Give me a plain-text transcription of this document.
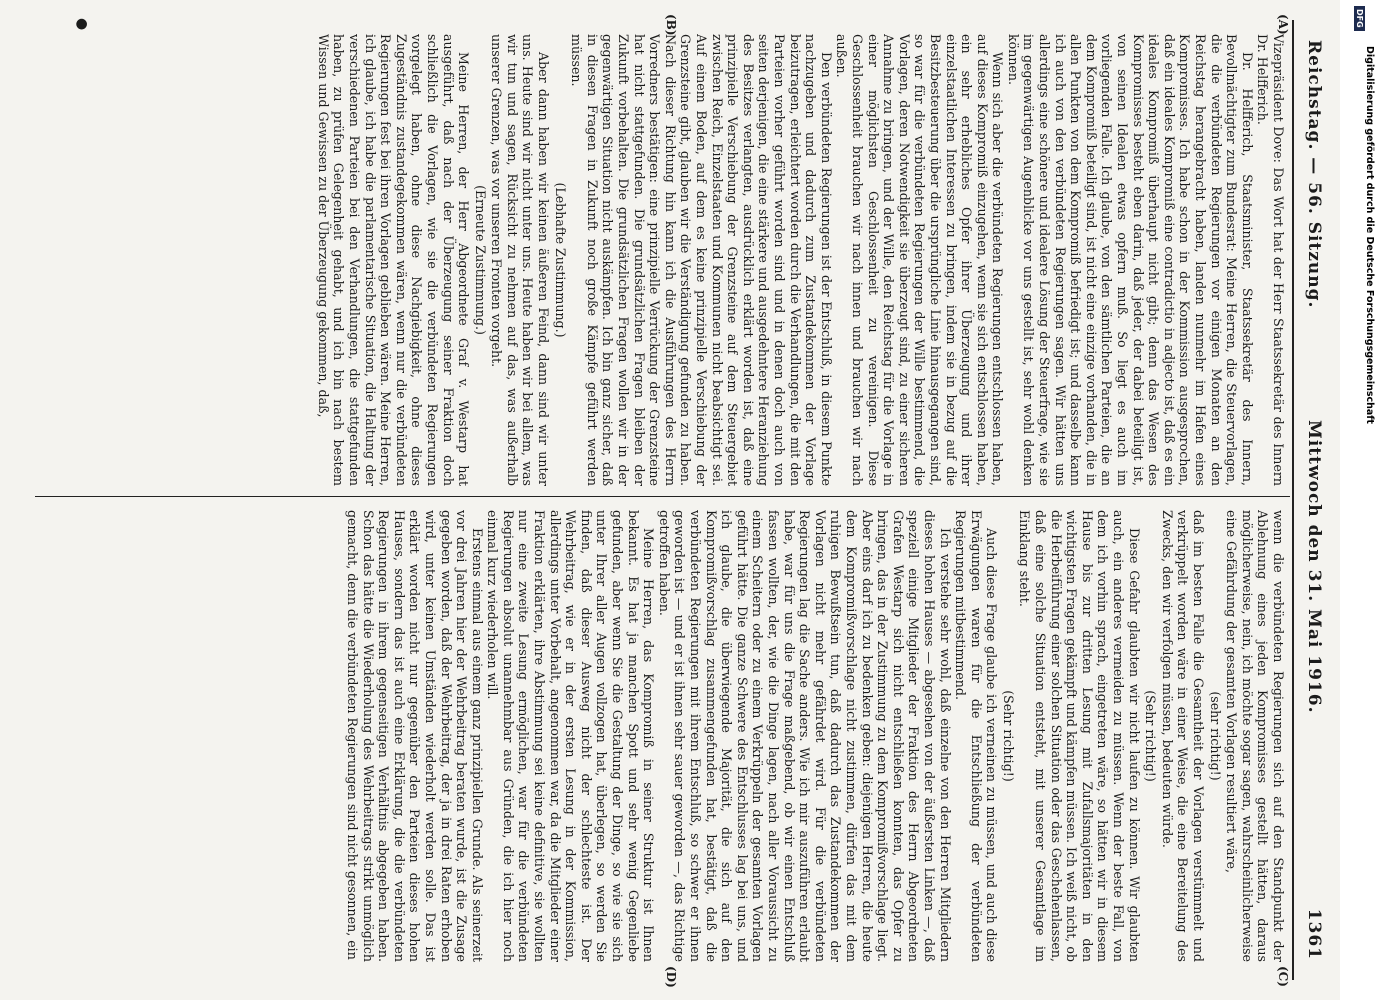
Reichstag. — 56. Sitzung.
Mittwoch den 31. Mai 1916.
1361
(A)
(B)
(C)
(D)
●

Vizepräsident Dove: Das Wort hat der Herr Staatssekretär des Innern Dr. Helfferich.

Dr. Helfferich, Staatsminister, Staatssekretär des Innern, Bevollmächtigter zum Bundesrat: Meine Herren, die Steuervorlagen, die die verbündeten Regierungen vor einigen Monaten an den Reichstag herangebracht haben, landen nunmehr im Hafen eines Kompromisses. Ich habe schon in der Kommission ausgesprochen, daß ein ideales Kompromiß eine contradictio in adjecto ist, daß es ein ideales Kompromiß überhaupt nicht gibt; denn das Wesen des Kompromisses besteht eben darin, daß jeder, der dabei beteiligt ist, von seinen Idealen etwas opfern muß. So liegt es auch im vorliegenden Falle. Ich glaube, von den sämtlichen Parteien, die an dem Kompromiß beteiligt sind, ist nicht eine einzige vorhanden, die in allen Punkten von dem Kompromiß befriedigt ist; und dasselbe kann ich auch von den verbündeten Regierungen sagen. Wir hätten uns allerdings eine schönere und idealere Lösung der Steuerfrage, wie sie im gegenwärtigen Augenblicke vor uns gestellt ist, sehr wohl denken können.

Wenn sich aber die verbündeten Regierungen entschlossen haben, auf dieses Kompromiß einzugehen, wenn sie sich entschlossen haben, ein sehr erhebliches Opfer ihrer Überzeugung und ihrer einzelstaatlichen Interessen zu bringen, indem sie in bezug auf die Besitzbesteuerung über die ursprüngliche Linie hinausgegangen sind, so war für die verbündeten Regierungen der Wille bestimmend, die Vorlagen, deren Notwendigkeit sie überzeugt sind, zu einer sicheren Annahme zu bringen, und der Wille, den Reichstag für die Vorlage in einer möglichsten Geschlossenheit zu vereinigen. Diese Geschlossenheit brauchen wir nach innen und brauchen wir nach außen.

Den verbündeten Regierungen ist der Entschluß, in diesem Punkte nachzugeben und dadurch zum Zustandekommen der Vorlage beizutragen, erleichtert worden durch die Verhandlungen, die mit den Parteien vorher geführt worden sind und in denen doch auch von seiten derjenigen, die eine stärkere und ausgedehntere Heranziehung des Besitzes verlangten, ausdrücklich erklärt worden ist, daß eine prinzipielle Verschiebung der Grenzsteine auf dem Steuergebiet zwischen Reich, Einzelstaaten und Kommunen nicht beabsichtigt sei. Auf einem Boden, auf dem es keine prinzipielle Verschiebung der Grenzsteine gibt, glauben wir die Verständigung gefunden zu haben. Nach dieser Richtung hin kann ich die Ausführungen des Herrn Vorredners bestätigen: eine prinzipielle Verrückung der Grenzsteine hat nicht stattgefunden. Die grundsätzlichen Fragen bleiben der Zukunft vorbehalten. Die grundsätzlichen Fragen wollen wir in der gegenwärtigen Situation nicht auskämpfen. Ich bin ganz sicher, daß in diesen Fragen in Zukunft noch große Kämpfe geführt werden müssen.

(Lebhafte Zustimmung.)

Aber dann haben wir keinen äußeren Feind, dann sind wir unter uns. Heute sind wir nicht unter uns. Heute haben wir bei allem, was wir tun und sagen, Rücksicht zu nehmen auf das, was außerhalb unserer Grenzen, was vor unseren Fronten vorgeht.

(Erneute Zustimmung.)

Meine Herren, der Herr Abgeordnete Graf v. Westarp hat ausgeführt, daß nach der Überzeugung seiner Fraktion doch schließlich die Vorlagen, wie sie die verbündeten Regierungen vorgelegt haben, ohne diese Nachgiebigkeit, ohne dieses Zugeständnis zustandegekommen wären, wenn nur die verbündeten Regierungen fest bei ihren Vorlagen geblieben wären. Meine Herren, ich glaube, ich habe die parlamentarische Situation, die Haltung der verschiedenen Parteien bei den Verhandlungen, die stattgefunden haben, zu prüfen Gelegenheit gehabt, und ich bin nach bestem Wissen und Gewissen zu der Überzeugung gekommen, daß,

wenn die verbündeten Regierungen sich auf den Standpunkt der Ablehnung eines jeden Kompromisses gestellt hätten, daraus möglicherweise, nein, ich möchte sogar sagen, wahrscheinlicherweise eine Gefährdung der gesamten Vorlagen resultiert wäre,

(sehr richtig!)

daß im besten Falle die Gesamtheit der Vorlagen verstümmelt und verkrüppelt worden wäre in einer Weise, die eine Bereitelung des Zwecks, den wir verfolgen müssen, bedeuten würde.

(Sehr richtig!)

Diese Gefahr glaubten wir nicht laufen zu können. Wir glaubten auch, ein anderes vermeiden zu müssen. Wenn der beste Fall, von dem ich vorhin sprach, eingetreten wäre, so hätten wir in diesem Hause bis zur dritten Lesung mit Zufallsmajoritäten in den wichtigsten Fragen gekämpft und kämpfen müssen. Ich weiß nicht, ob die Herbeiführung einer solchen Situation oder das Geschehenlassen, daß eine solche Situation entsteht, mit unserer Gesamtlage im Einklang steht.

(Sehr richtig!)

Auch diese Frage glaube ich verneinen zu müssen, und auch diese Erwägungen waren für die Entschließung der verbündeten Regierungen mitbestimmend.

Ich verstehe sehr wohl, daß einzelne von den Herren Mitgliedern dieses hohen Hauses — abgesehen von der äußersten Linken —, daß speziell einige Mitglieder der Fraktion des Herrn Abgeordneten Grafen Westarp sich nicht entschließen konnten, das Opfer zu bringen, das in der Zustimmung zu dem Kompromißvorschlage liegt. Aber eins darf ich zu bedenken geben: diejenigen Herren, die heute dem Kompromißvorschlage nicht zustimmen, dürfen das mit dem ruhigen Bewußtsein tun, daß dadurch das Zustandekommen der Vorlagen nicht mehr gefährdet wird. Für die verbündeten Regierungen lag die Sache anders. Wie ich mir auszuführen erlaubt habe, war für uns die Frage maßgebend, ob wir einen Entschluß fassen wollten, der, wie die Dinge lagen, nach aller Voraussicht zu einem Scheitern oder zu einem Verkrüppeln der gesamten Vorlagen geführt hätte. Die ganze Schwere des Entschlusses lag bei uns, und ich glaube, die überwiegende Majorität, die sich auf den Kompromißvorschlag zusammengefunden hat, bestätigt, daß die verbündeten Regierungen mit ihrem Entschluß, so schwer er ihnen geworden ist — und er ist ihnen sehr sauer geworden —, das Richtige getroffen haben.

Meine Herren, das Kompromiß in seiner Struktur ist Ihnen bekannt. Es hat ja manchen Spott und sehr wenig Gegenliebe gefunden, aber wenn Sie die Gestaltung der Dinge, so wie sie sich unter Ihrer aller Augen vollzogen hat, überlegen, so werden Sie finden, daß dieser Ausweg nicht der schlechteste ist. Der Wehrbeitrag, wie er in der ersten Lesung in der Kommission, allerdings unter Vorbehalt, angenommen war, da die Mitglieder einer Fraktion erklärten, ihre Abstimmung sei keine definitive, sie wollten nur eine zweite Lesung ermöglichen, war für die verbündeten Regierungen absolut unannehmbar aus Gründen, die ich hier noch einmal kurz wiederholen will.

Erstens einmal aus einem ganz prinzipiellen Grunde. Als seinerzeit vor drei Jahren hier der Wehrbeitrag beraten wurde, ist die Zusage gegeben worden, daß der Wehrbeitrag, der ja in drei Raten erhoben wird, unter keinen Umständen wiederholt werden solle. Das ist erklärt worden nicht nur gegenüber den Parteien dieses hohen Hauses, sondern das ist auch eine Erklärung, die die verbündeten Regierungen in ihrem gegenseitigen Verhältnis abgegeben haben. Schon das hätte die Wiederholung des Wehrbeitrags strikt unmöglich gemacht, denn die verbündeten Regierungen sind nicht gesonnen, ein

DFG
Digitalisierung gefördert durch die Deutsche Forschungsgemeinschaft
